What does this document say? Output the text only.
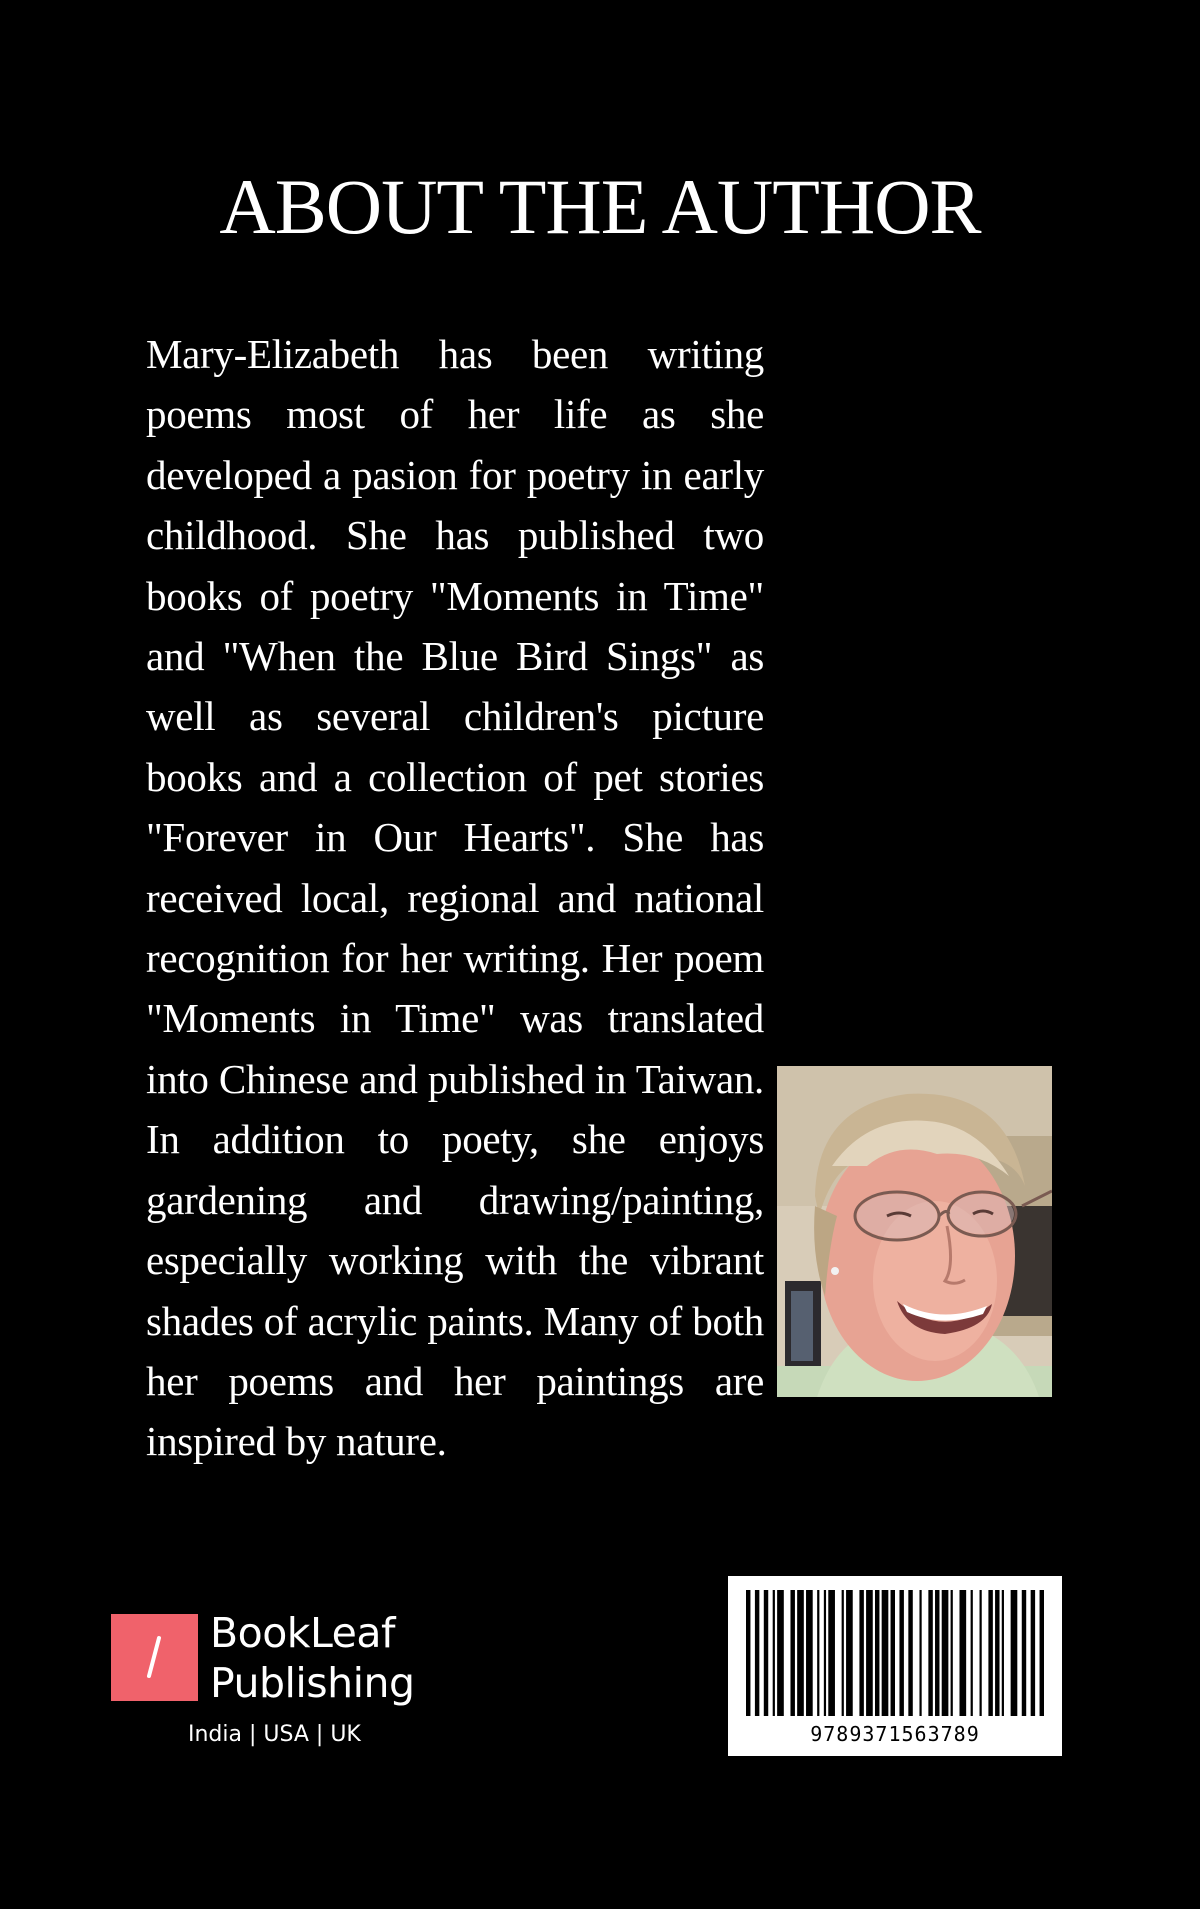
ABOUT THE AUTHOR

Mary-Elizabeth has been writing poems most of her life as she developed a pasion for poetry in early childhood. She has published two books of poetry "Moments in Time" and "When the Blue Bird Sings" as well as several children's picture books and a collection of pet stories "Forever in Our Hearts". She has received local, regional and national recognition for her writing. Her poem "Moments in Time" was translated into Chinese and published in Taiwan. In addition to poety, she enjoys gardening and drawing/painting, especially working with the vibrant shades of acrylic paints. Many of both her poems and her paintings are inspired by nature.

BookLeaf
Publishing
India | USA | UK	9789371563789
